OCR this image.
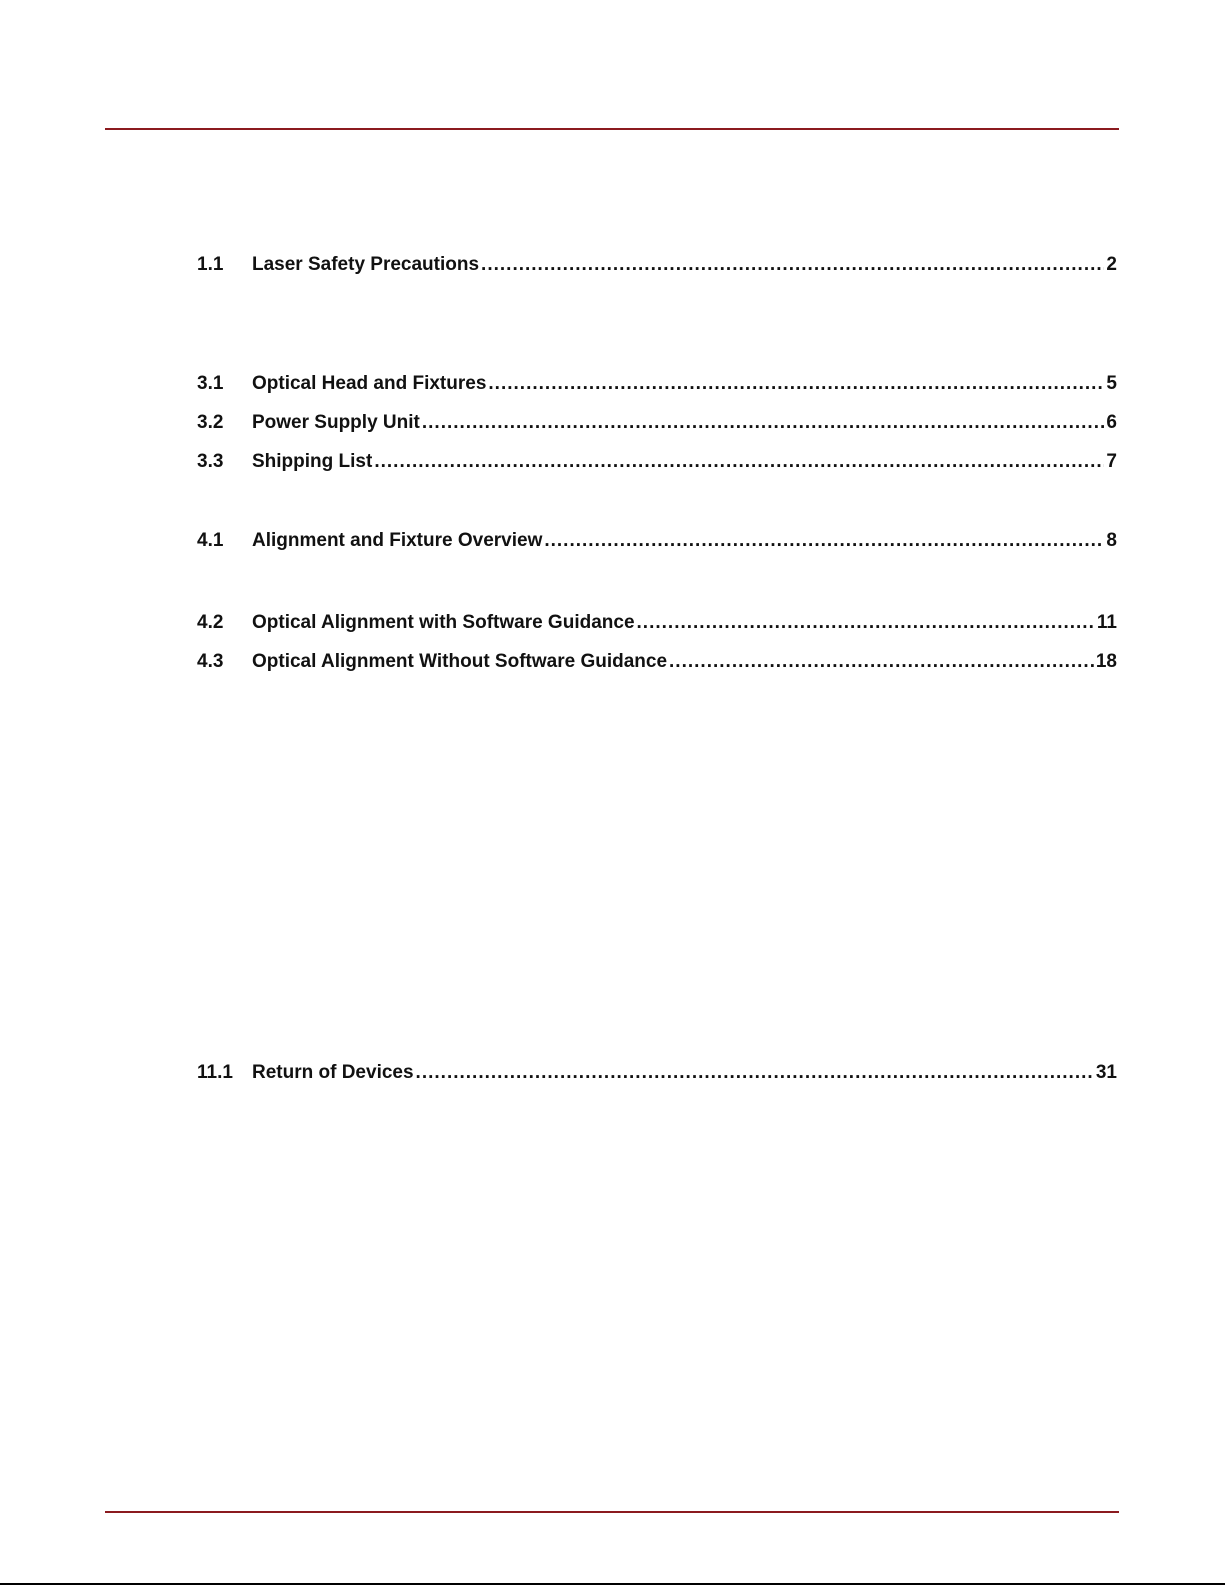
1.1	Laser Safety Precautions .....	2
3.1	Optical Head and Fixtures .....	5
3.2	Power Supply Unit .....	6
3.3	Shipping List .....	7
4.1	Alignment and Fixture Overview .....	8
4.2	Optical Alignment with Software Guidance .....	11
4.3	Optical Alignment Without Software Guidance .....	18
11.1	Return of Devices .....	31
